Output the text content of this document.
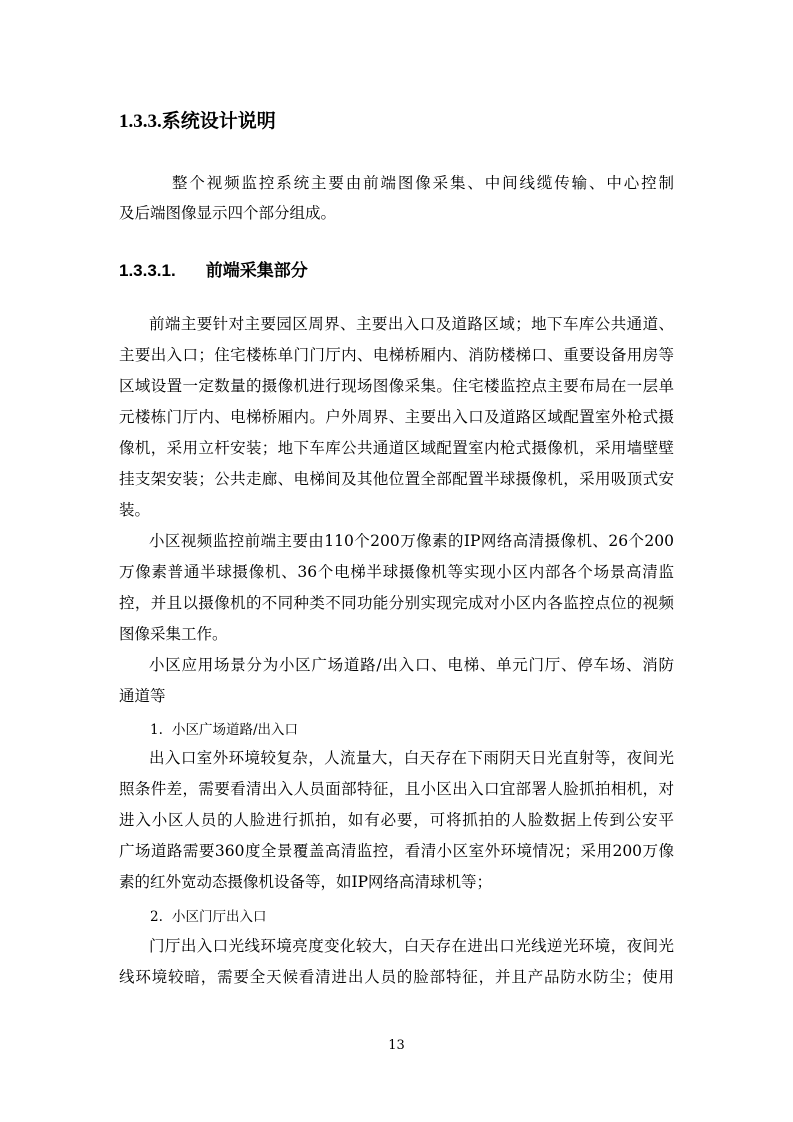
1.3.3.系统设计说明
整个视频监控系统主要由前端图像采集、中间线缆传输、中心控制
及后端图像显示四个部分组成。
1.3.3.1. 前端采集部分
前端主要针对主要园区周界、主要出入口及道路区域；地下车库公共通道、
主要出入口；住宅楼栋单门门厅内、电梯桥厢内、消防楼梯口、重要设备用房等
区域设置一定数量的摄像机进行现场图像采集。住宅楼监控点主要布局在一层单
元楼栋门厅内、电梯桥厢内。户外周界、主要出入口及道路区域配置室外枪式摄
像机，采用立杆安装；地下车库公共通道区域配置室内枪式摄像机，采用墙壁壁
挂支架安装；公共走廊、电梯间及其他位置全部配置半球摄像机，采用吸顶式安
装。
小区视频监控前端主要由110个200万像素的IP网络高清摄像机、26个200
万像素普通半球摄像机、36个电梯半球摄像机等实现小区内部各个场景高清监
控，并且以摄像机的不同种类不同功能分别实现完成对小区内各监控点位的视频
图像采集工作。
小区应用场景分为小区广场道路/出入口、电梯、单元门厅、停车场、消防
通道等
1. 小区广场道路/出入口
出入口室外环境较复杂，人流量大，白天存在下雨阴天日光直射等，夜间光
照条件差，需要看清出入人员面部特征，且小区出入口宜部署人脸抓拍相机，对
进入小区人员的人脸进行抓拍，如有必要，可将抓拍的人脸数据上传到公安平
广场道路需要360度全景覆盖高清监控，看清小区室外环境情况；采用200万像
素的红外宽动态摄像机设备等，如IP网络高清球机等；
2. 小区门厅出入口
门厅出入口光线环境亮度变化较大，白天存在进出口光线逆光环境，夜间光
线环境较暗，需要全天候看清进出人员的脸部特征，并且产品防水防尘；使用
13
